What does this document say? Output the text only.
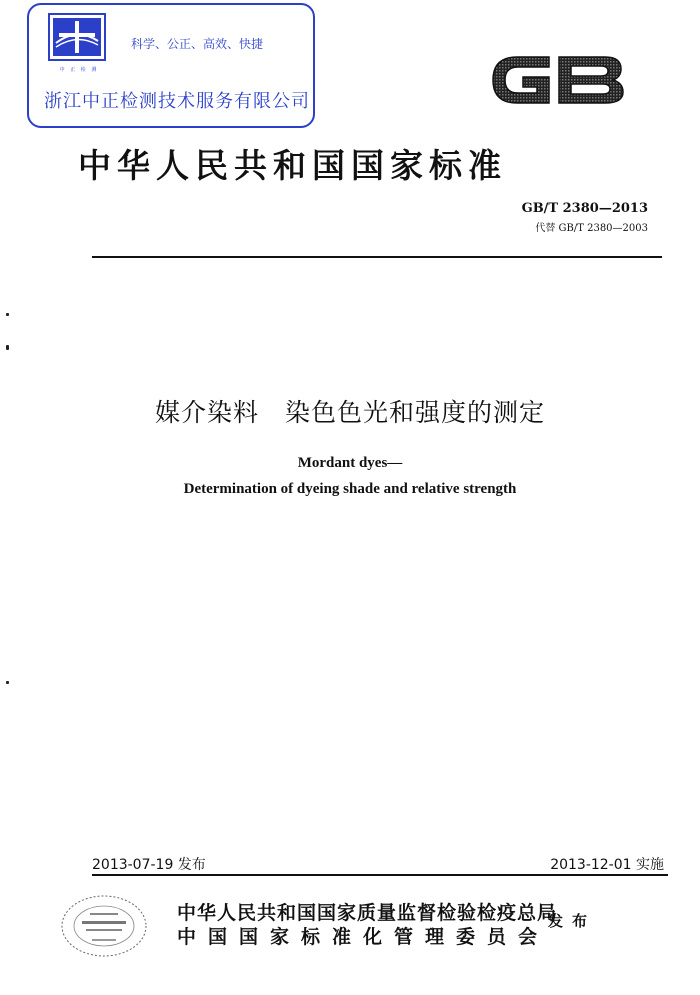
中 正 检 测
科学、公正、高效、快捷
浙江中正检测技术服务有限公司
中华人民共和国国家标准
GB/T 2380—2013
代替 GB/T 2380—2003
媒介染料　染色色光和强度的测定
Mordant dyes—
Determination of dyeing shade and relative strength
2013-07-19 发布	2013-12-01 实施
中华人民共和国国家质量监督检验检疫总局
中国国家标准化管理委员会
发布
